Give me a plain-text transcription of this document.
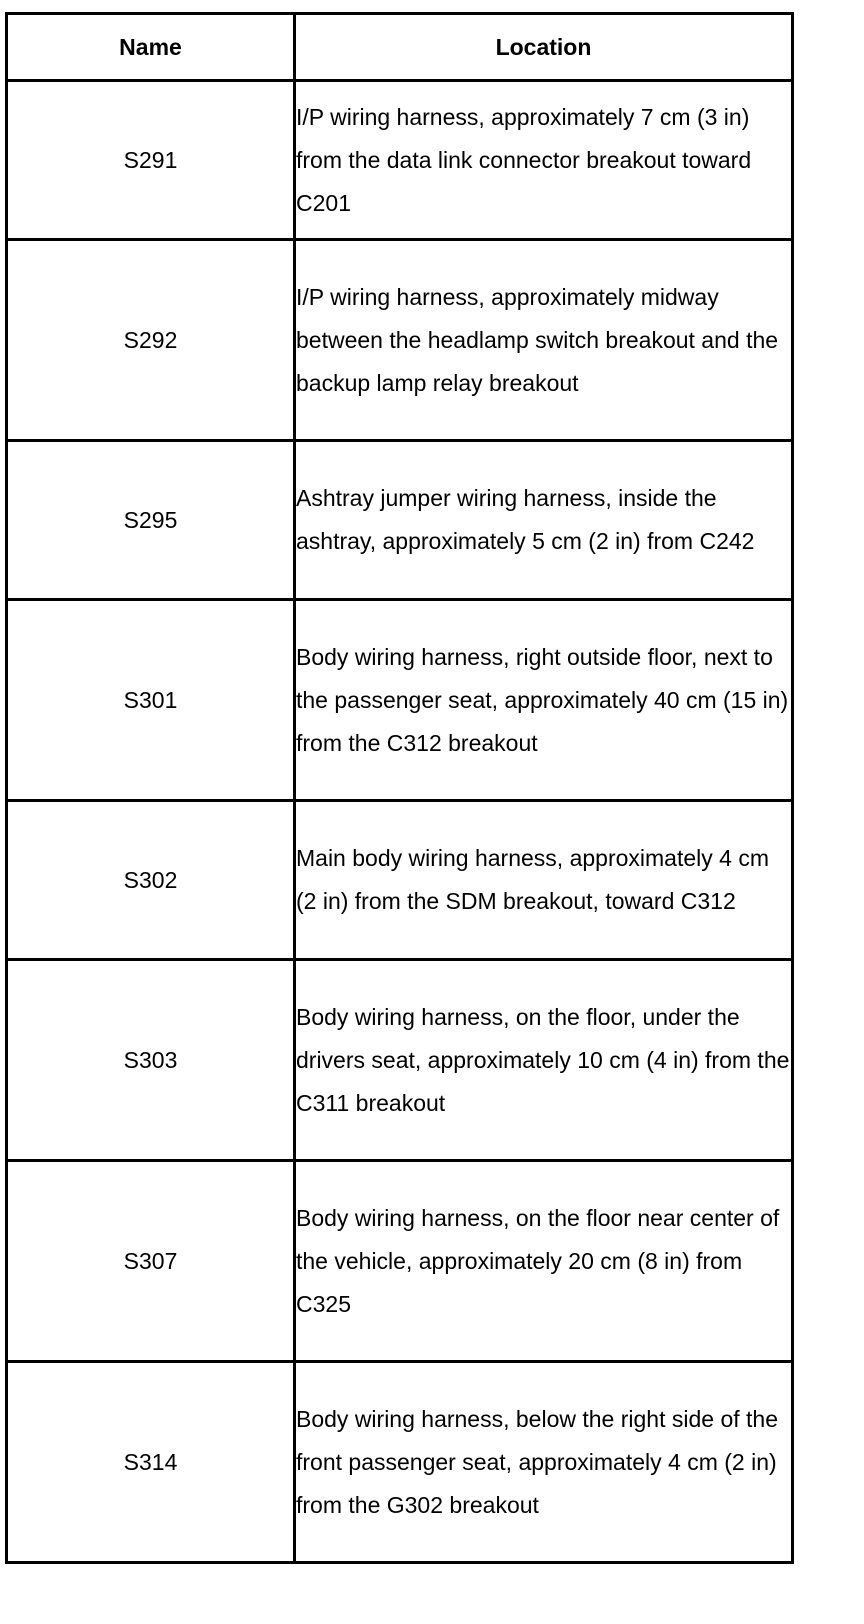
Name	Location
S291	I/P wiring harness, approximately 7 cm (3 in) from the data link connector breakout toward C201
S292	I/P wiring harness, approximately midway between the headlamp switch breakout and the backup lamp relay breakout
S295	Ashtray jumper wiring harness, inside the ashtray, approximately 5 cm (2 in) from C242
S301	Body wiring harness, right outside floor, next to the passenger seat, approximately 40 cm (15 in) from the C312 breakout
S302	Main body wiring harness, approximately 4 cm (2 in) from the SDM breakout, toward C312
S303	Body wiring harness, on the floor, under the drivers seat, approximately 10 cm (4 in) from the C311 breakout
S307	Body wiring harness, on the floor near center of the vehicle, approximately 20 cm (8 in) from C325
S314	Body wiring harness, below the right side of the front passenger seat, approximately 4 cm (2 in) from the G302 breakout
